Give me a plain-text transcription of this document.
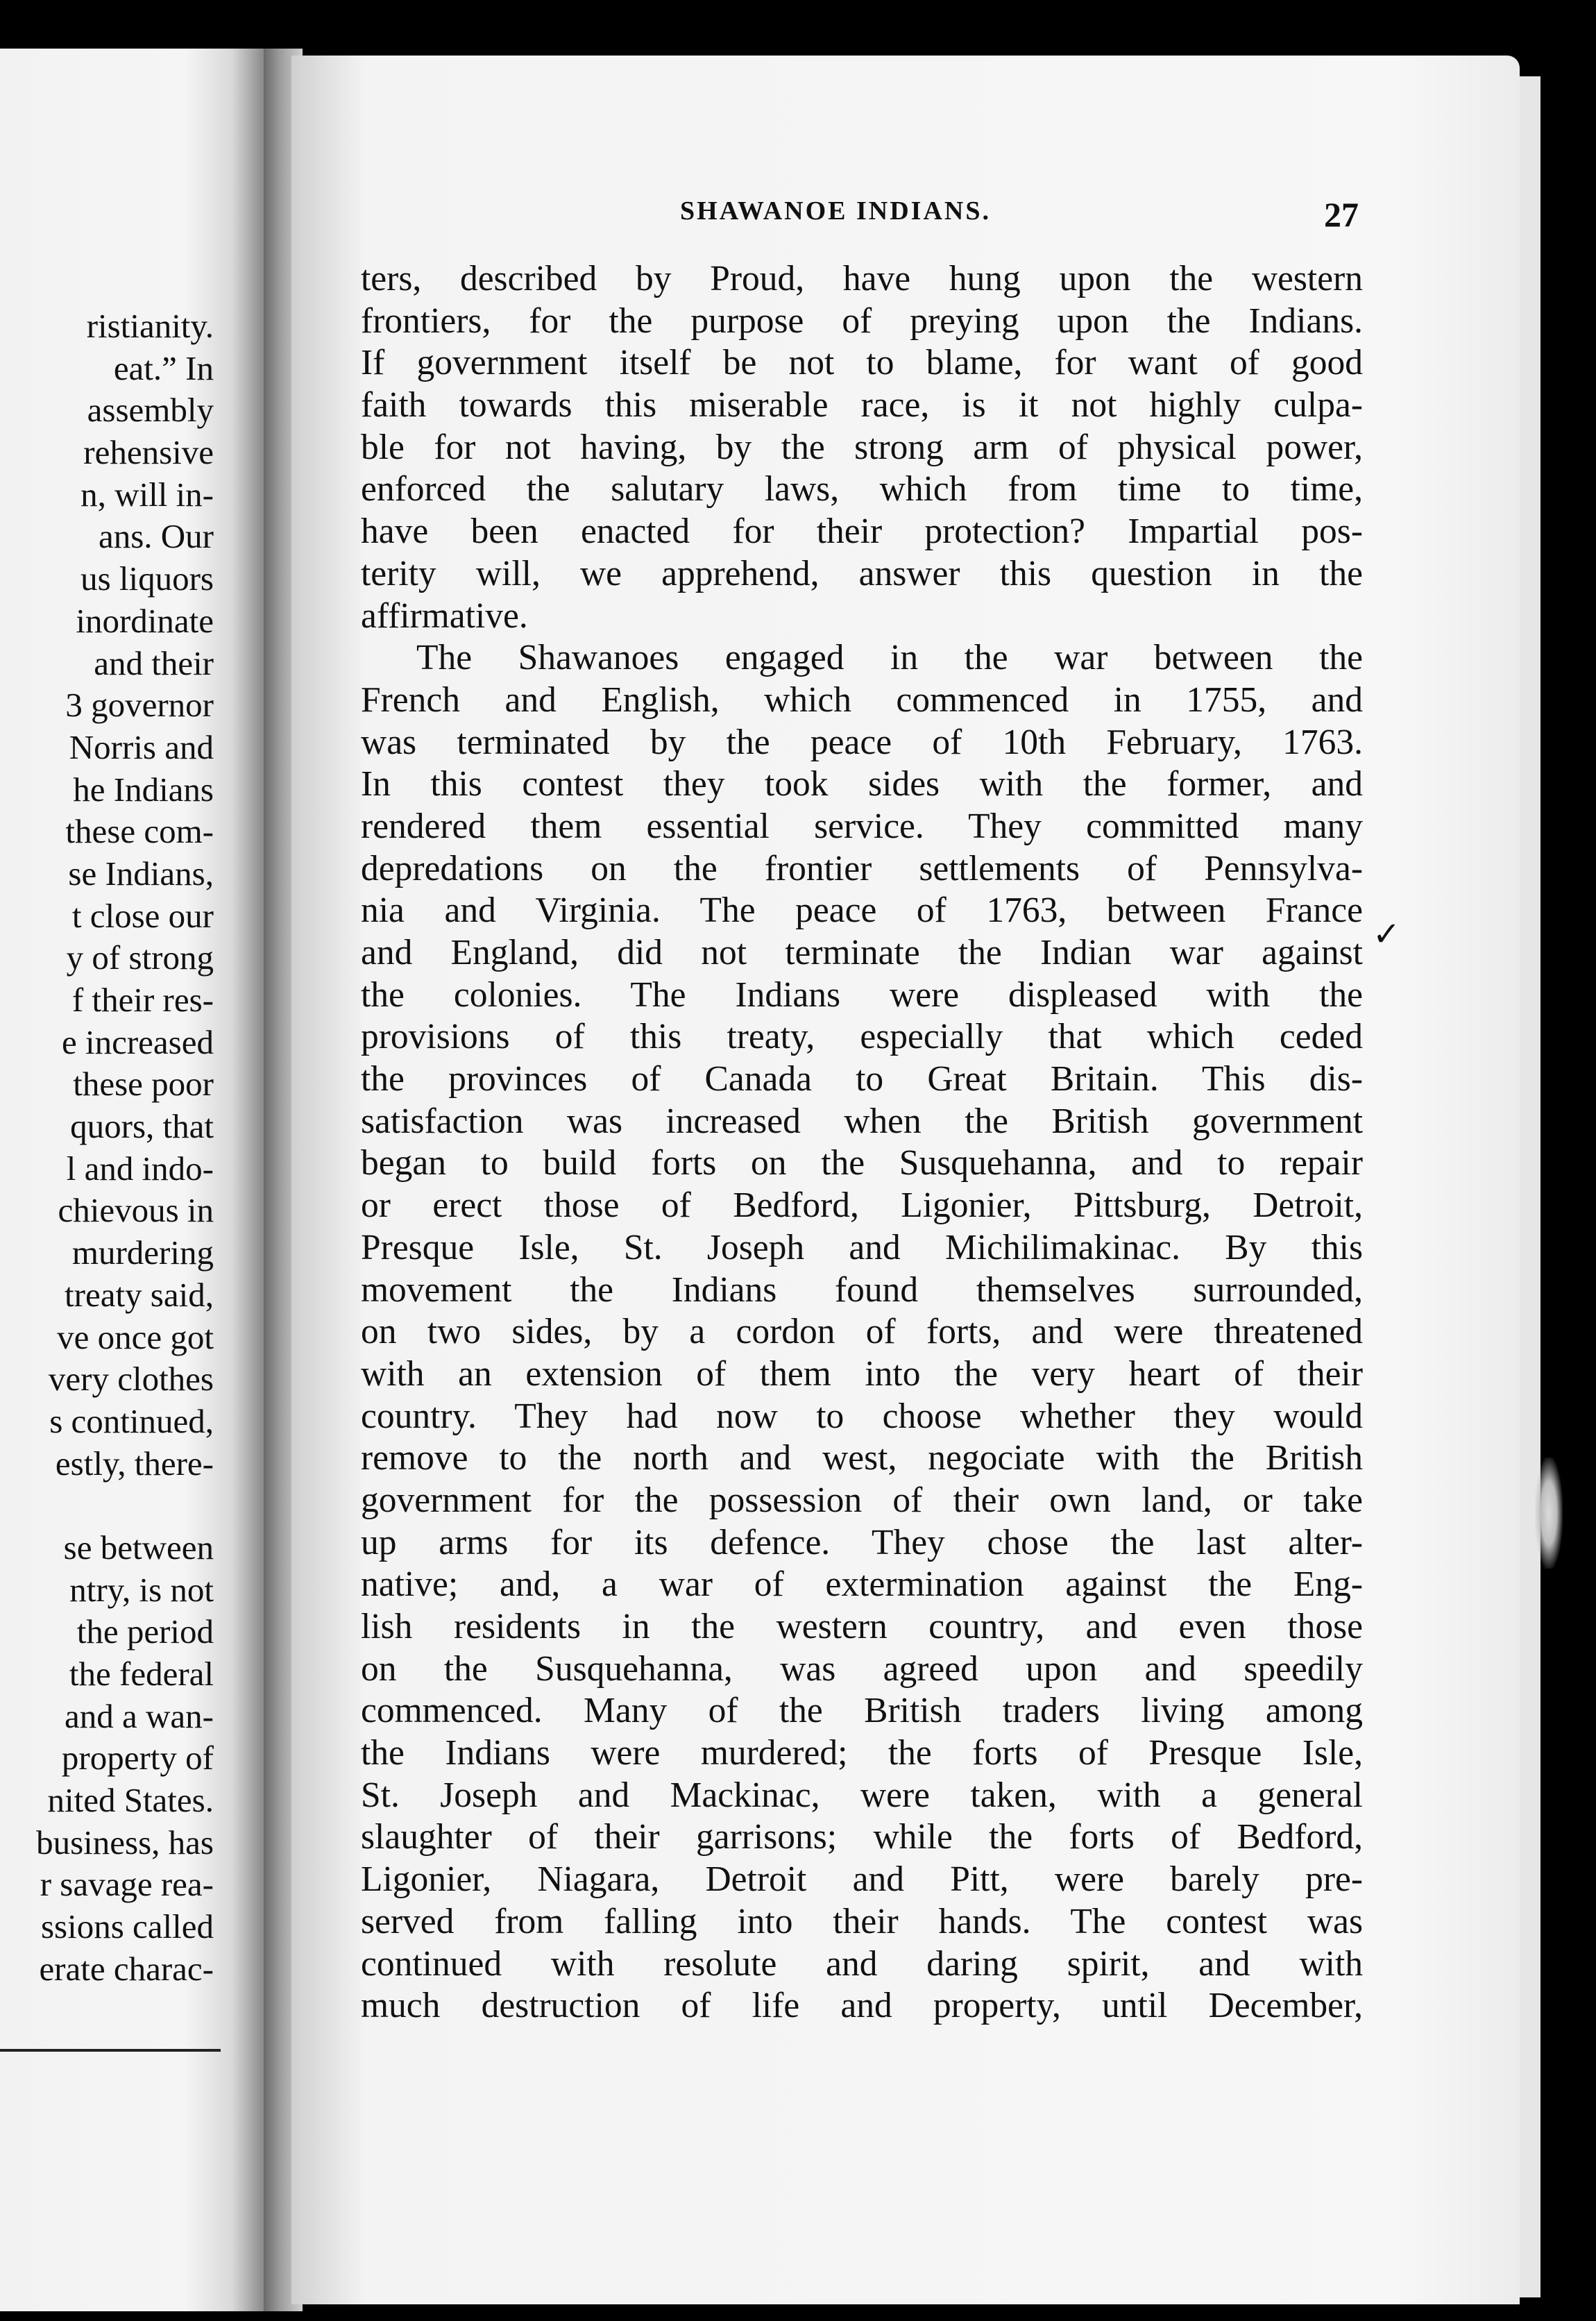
ristianity.
eat.” In
assembly
rehensive
n, will in-
ans. Our
us liquors
inordinate
and their
3 governor
Norris and
he Indians
these com-
se Indians,
t close our
y of strong
f their res-
e increased
these poor
quors, that
l and indo-
chievous in
murdering
treaty said,
ve once got
very clothes
s continued,
estly, there-
se between
ntry, is not
the period
the federal
and a wan-
property of
nited States.
business, has
r savage rea-
ssions called
erate charac-
SHAWANOE INDIANS.	27
✓
ters, described by Proud, have hung upon the western
frontiers, for the purpose of preying upon the Indians.
If government itself be not to blame, for want of good
faith towards this miserable race, is it not highly culpa-
ble for not having, by the strong arm of physical power,
enforced the salutary laws, which from time to time,
have been enacted for their protection? Impartial pos-
terity will, we apprehend, answer this question in the
affirmative.
The Shawanoes engaged in the war between the
French and English, which commenced in 1755, and
was terminated by the peace of 10th February, 1763.
In this contest they took sides with the former, and
rendered them essential service. They committed many
depredations on the frontier settlements of Pennsylva-
nia and Virginia. The peace of 1763, between France
and England, did not terminate the Indian war against
the colonies. The Indians were displeased with the
provisions of this treaty, especially that which ceded
the provinces of Canada to Great Britain. This dis-
satisfaction was increased when the British government
began to build forts on the Susquehanna, and to repair
or erect those of Bedford, Ligonier, Pittsburg, Detroit,
Presque Isle, St. Joseph and Michilimakinac. By this
movement the Indians found themselves surrounded,
on two sides, by a cordon of forts, and were threatened
with an extension of them into the very heart of their
country. They had now to choose whether they would
remove to the north and west, negociate with the British
government for the possession of their own land, or take
up arms for its defence. They chose the last alter-
native; and, a war of extermination against the Eng-
lish residents in the western country, and even those
on the Susquehanna, was agreed upon and speedily
commenced. Many of the British traders living among
the Indians were murdered; the forts of Presque Isle,
St. Joseph and Mackinac, were taken, with a general
slaughter of their garrisons; while the forts of Bedford,
Ligonier, Niagara, Detroit and Pitt, were barely pre-
served from falling into their hands. The contest was
continued with resolute and daring spirit, and with
much destruction of life and property, until December,
